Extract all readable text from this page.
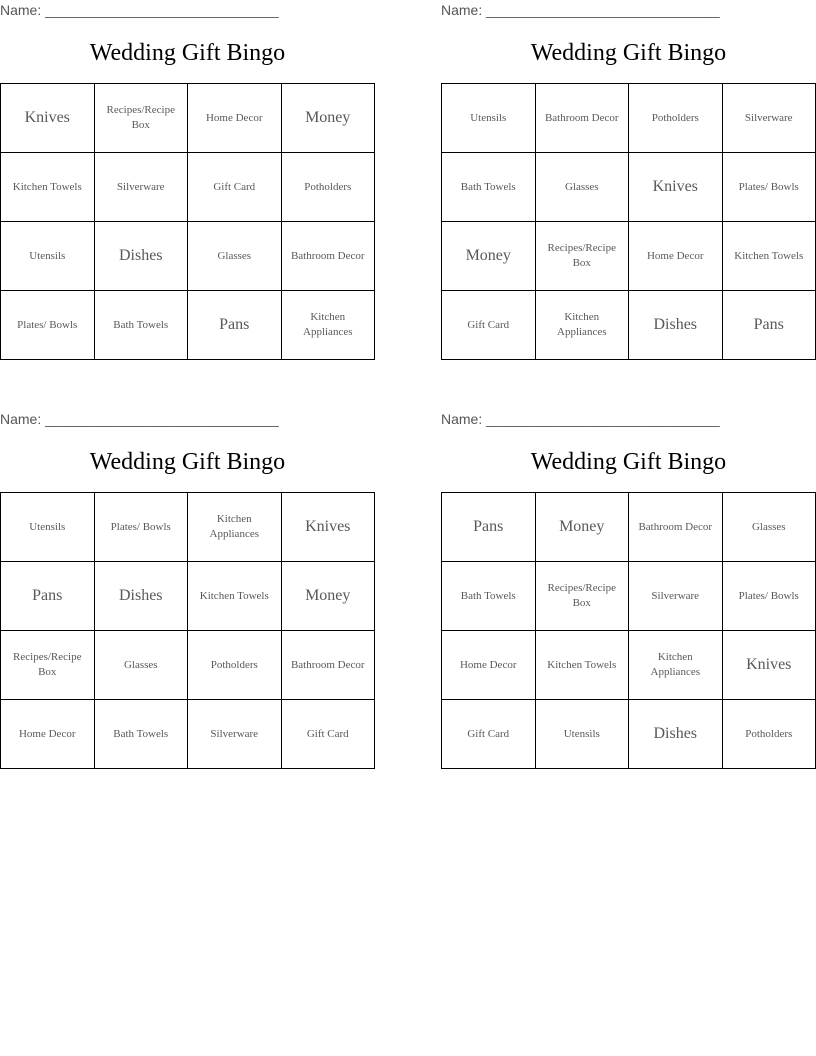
Name: ______________________________
Wedding Gift Bingo
Knives	Recipes/Recipe Box	Home Decor	Money
Kitchen Towels	Silverware	Gift Card	Potholders
Utensils	Dishes	Glasses	Bathroom Decor
Plates/ Bowls	Bath Towels	Pans	Kitchen Appliances
Name: ______________________________
Wedding Gift Bingo
Utensils	Bathroom Decor	Potholders	Silverware
Bath Towels	Glasses	Knives	Plates/ Bowls
Money	Recipes/Recipe Box	Home Decor	Kitchen Towels
Gift Card	Kitchen Appliances	Dishes	Pans
Name: ______________________________
Wedding Gift Bingo
Utensils	Plates/ Bowls	Kitchen Appliances	Knives
Pans	Dishes	Kitchen Towels	Money
Recipes/Recipe Box	Glasses	Potholders	Bathroom Decor
Home Decor	Bath Towels	Silverware	Gift Card
Name: ______________________________
Wedding Gift Bingo
Pans	Money	Bathroom Decor	Glasses
Bath Towels	Recipes/Recipe Box	Silverware	Plates/ Bowls
Home Decor	Kitchen Towels	Kitchen Appliances	Knives
Gift Card	Utensils	Dishes	Potholders
